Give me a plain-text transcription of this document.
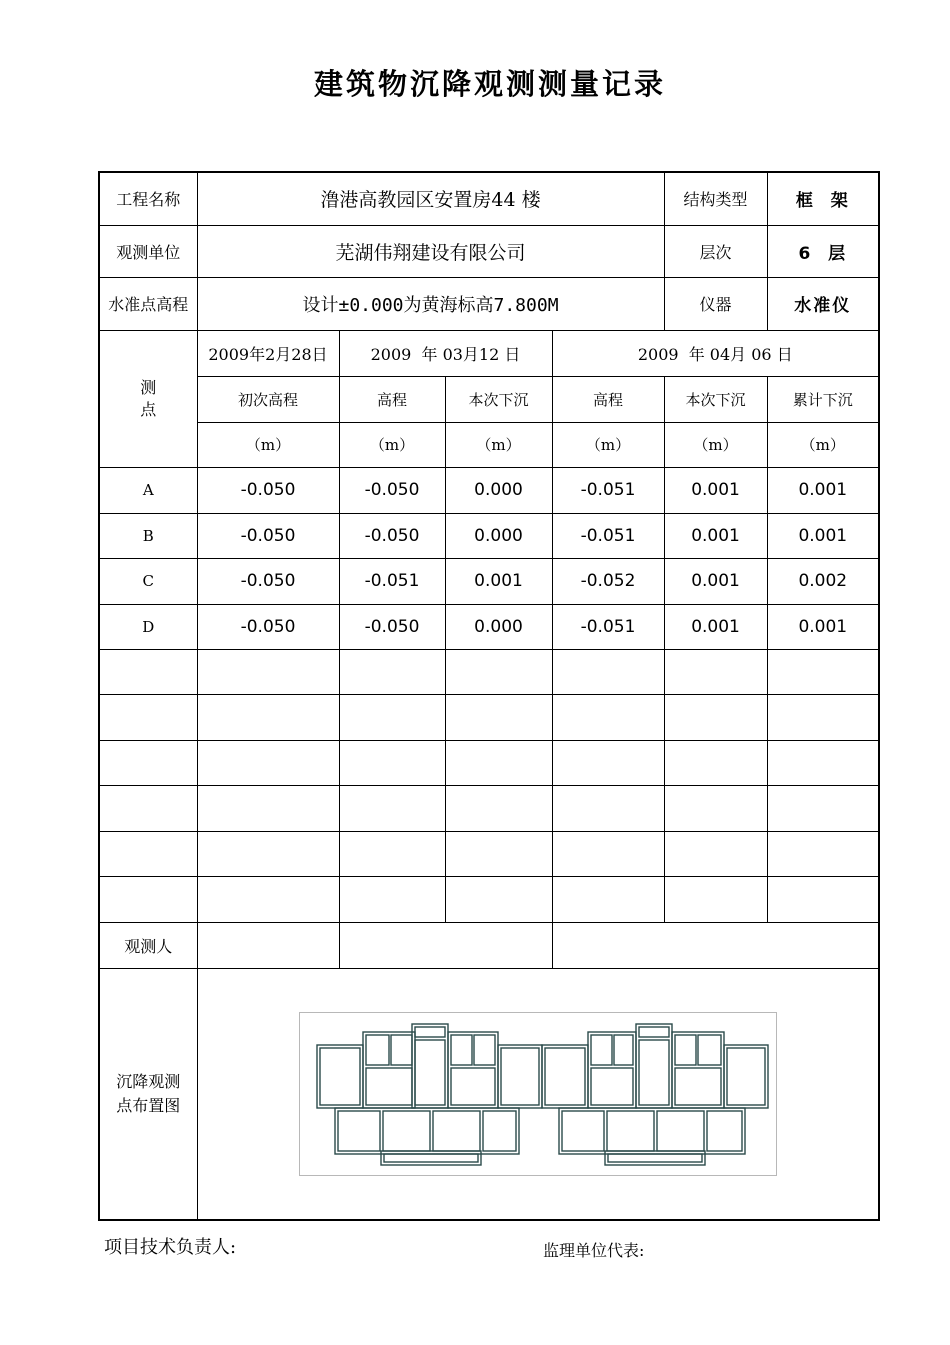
建筑物沉降观测测量记录
工程名称	澛港高教园区安置房44 楼				结构类型	框  架
观测单位	芜湖伟翔建设有限公司				层次	6  层
水准点高程	设计±0.000为黄海标高7.800M				仪器	水准仪
测
点	2009年2月28日	2009  年 03月12 日		2009  年 04月 06 日		
	初次高程	高程	本次下沉	高程	本次下沉	累计下沉
	（m）	（m）	（m）	（m）	（m）	（m）
A	-0.050	-0.050	0.000	-0.051	0.001	0.001
B	-0.050	-0.050	0.000	-0.051	0.001	0.001
C	-0.050	-0.051	0.001	-0.052	0.001	0.002
D	-0.050	-0.050	0.000	-0.051	0.001	0.001

观测人						
沉降观测点布置图	
项目技术负责人:	监理单位代表:
